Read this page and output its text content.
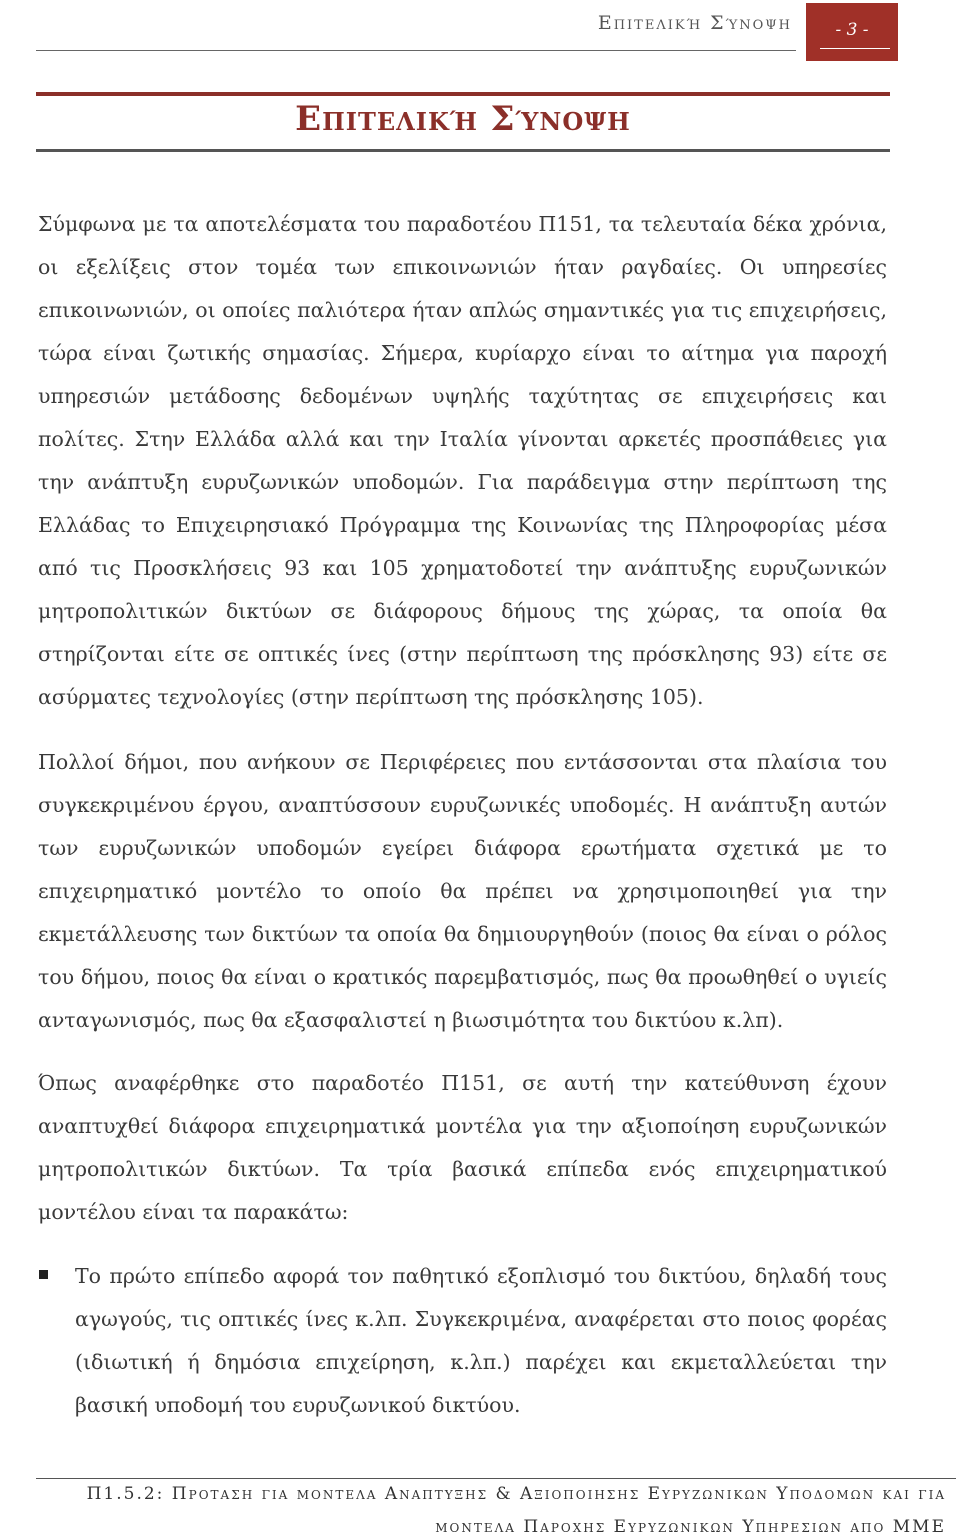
Επιτελική Σύνοψη	- 3 -
Επιτελική Σύνοψη

Σύμφωνα με τα αποτελέσματα του παραδοτέου Π151, τα τελευταία δέκα χρόνια, οι εξελίξεις στον τομέα των επικοινωνιών ήταν ραγδαίες. Οι υπηρεσίες επικοινωνιών, οι οποίες παλιότερα ήταν απλώς σημαντικές για τις επιχειρήσεις, τώρα είναι ζωτικής σημασίας. Σήμερα, κυρίαρχο είναι το αίτημα για παροχή υπηρεσιών μετάδοσης δεδομένων υψηλής ταχύτητας σε επιχειρήσεις και πολίτες. Στην Ελλάδα αλλά και την Ιταλία γίνονται αρκετές προσπάθειες για την ανάπτυξη ευρυζωνικών υποδομών. Για παράδειγμα στην περίπτωση της Ελλάδας το Επιχειρησιακό Πρόγραμμα της Κοινωνίας της Πληροφορίας μέσα από τις Προσκλήσεις 93 και 105 χρηματοδοτεί την ανάπτυξης ευρυζωνικών μητροπολιτικών δικτύων σε διάφορους δήμους της χώρας, τα οποία θα στηρίζονται είτε σε οπτικές ίνες (στην περίπτωση της πρόσκλησης 93) είτε σε ασύρματες τεχνολογίες (στην περίπτωση της πρόσκλησης 105).

Πολλοί δήμοι, που ανήκουν σε Περιφέρειες που εντάσσονται στα πλαίσια του συγκεκριμένου έργου, αναπτύσσουν ευρυζωνικές υποδομές. Η ανάπτυξη αυτών των ευρυζωνικών υποδομών εγείρει διάφορα ερωτήματα σχετικά με το επιχειρηματικό μοντέλο το οποίο θα πρέπει να χρησιμοποιηθεί για την εκμετάλλευσης των δικτύων τα οποία θα δημιουργηθούν (ποιος θα είναι ο ρόλος του δήμου, ποιος θα είναι ο κρατικός παρεμβατισμός, πως θα προωθηθεί ο υγιείς ανταγωνισμός, πως θα εξασφαλιστεί η βιωσιμότητα του δικτύου κ.λπ).

Όπως αναφέρθηκε στο παραδοτέο Π151, σε αυτή την κατεύθυνση έχουν αναπτυχθεί διάφορα επιχειρηματικά μοντέλα για την αξιοποίηση ευρυζωνικών μητροπολιτικών δικτύων. Τα τρία βασικά επίπεδα ενός επιχειρηματικού μοντέλου είναι τα παρακάτω:

Το πρώτο επίπεδο αφορά τον παθητικό εξοπλισμό του δικτύου, δηλαδή τους αγωγούς, τις οπτικές ίνες κ.λπ. Συγκεκριμένα, αναφέρεται στο ποιος φορέας (ιδιωτική ή δημόσια επιχείρηση, κ.λπ.) παρέχει και εκμεταλλεύεται την βασική υποδομή του ευρυζωνικού δικτύου.

Π1.5.2: Προταση για μοντελα Αναπτυξης & Αξιοποιησης Ευρυζωνικων Υποδομων και για
μοντελα Παροχης Ευρυζωνικων Υπηρεσιων απο ΜΜΕ
